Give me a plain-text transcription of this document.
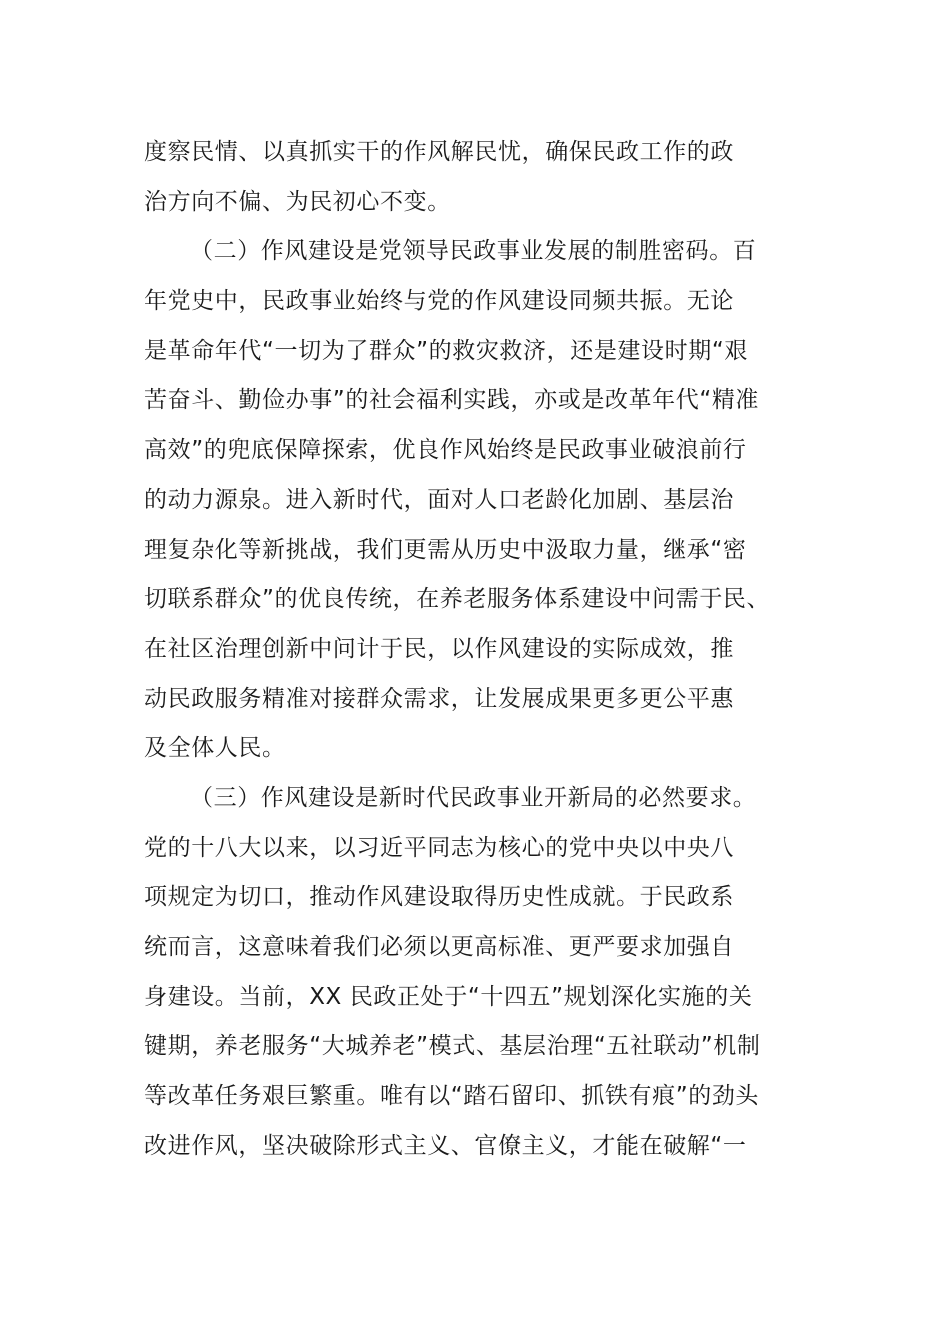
度察民情、以真抓实干的作风解民忧，确保民政工作的政
治方向不偏、为民初心不变。
（二）作风建设是党领导民政事业发展的制胜密码。百
年党史中，民政事业始终与党的作风建设同频共振。无论
是革命年代“一切为了群众”的救灾救济，还是建设时期“艰
苦奋斗、勤俭办事”的社会福利实践，亦或是改革年代“精准
高效”的兜底保障探索，优良作风始终是民政事业破浪前行
的动力源泉。进入新时代，面对人口老龄化加剧、基层治
理复杂化等新挑战，我们更需从历史中汲取力量，继承“密
切联系群众”的优良传统，在养老服务体系建设中问需于民、
在社区治理创新中问计于民，以作风建设的实际成效，推
动民政服务精准对接群众需求，让发展成果更多更公平惠
及全体人民。
（三）作风建设是新时代民政事业开新局的必然要求。
党的十八大以来，以习近平同志为核心的党中央以中央八
项规定为切口，推动作风建设取得历史性成就。于民政系
统而言，这意味着我们必须以更高标准、更严要求加强自
身建设。当前，XX 民政正处于“十四五”规划深化实施的关
键期，养老服务“大城养老”模式、基层治理“五社联动”机制
等改革任务艰巨繁重。唯有以“踏石留印、抓铁有痕”的劲头
改进作风，坚决破除形式主义、官僚主义，才能在破解“一
